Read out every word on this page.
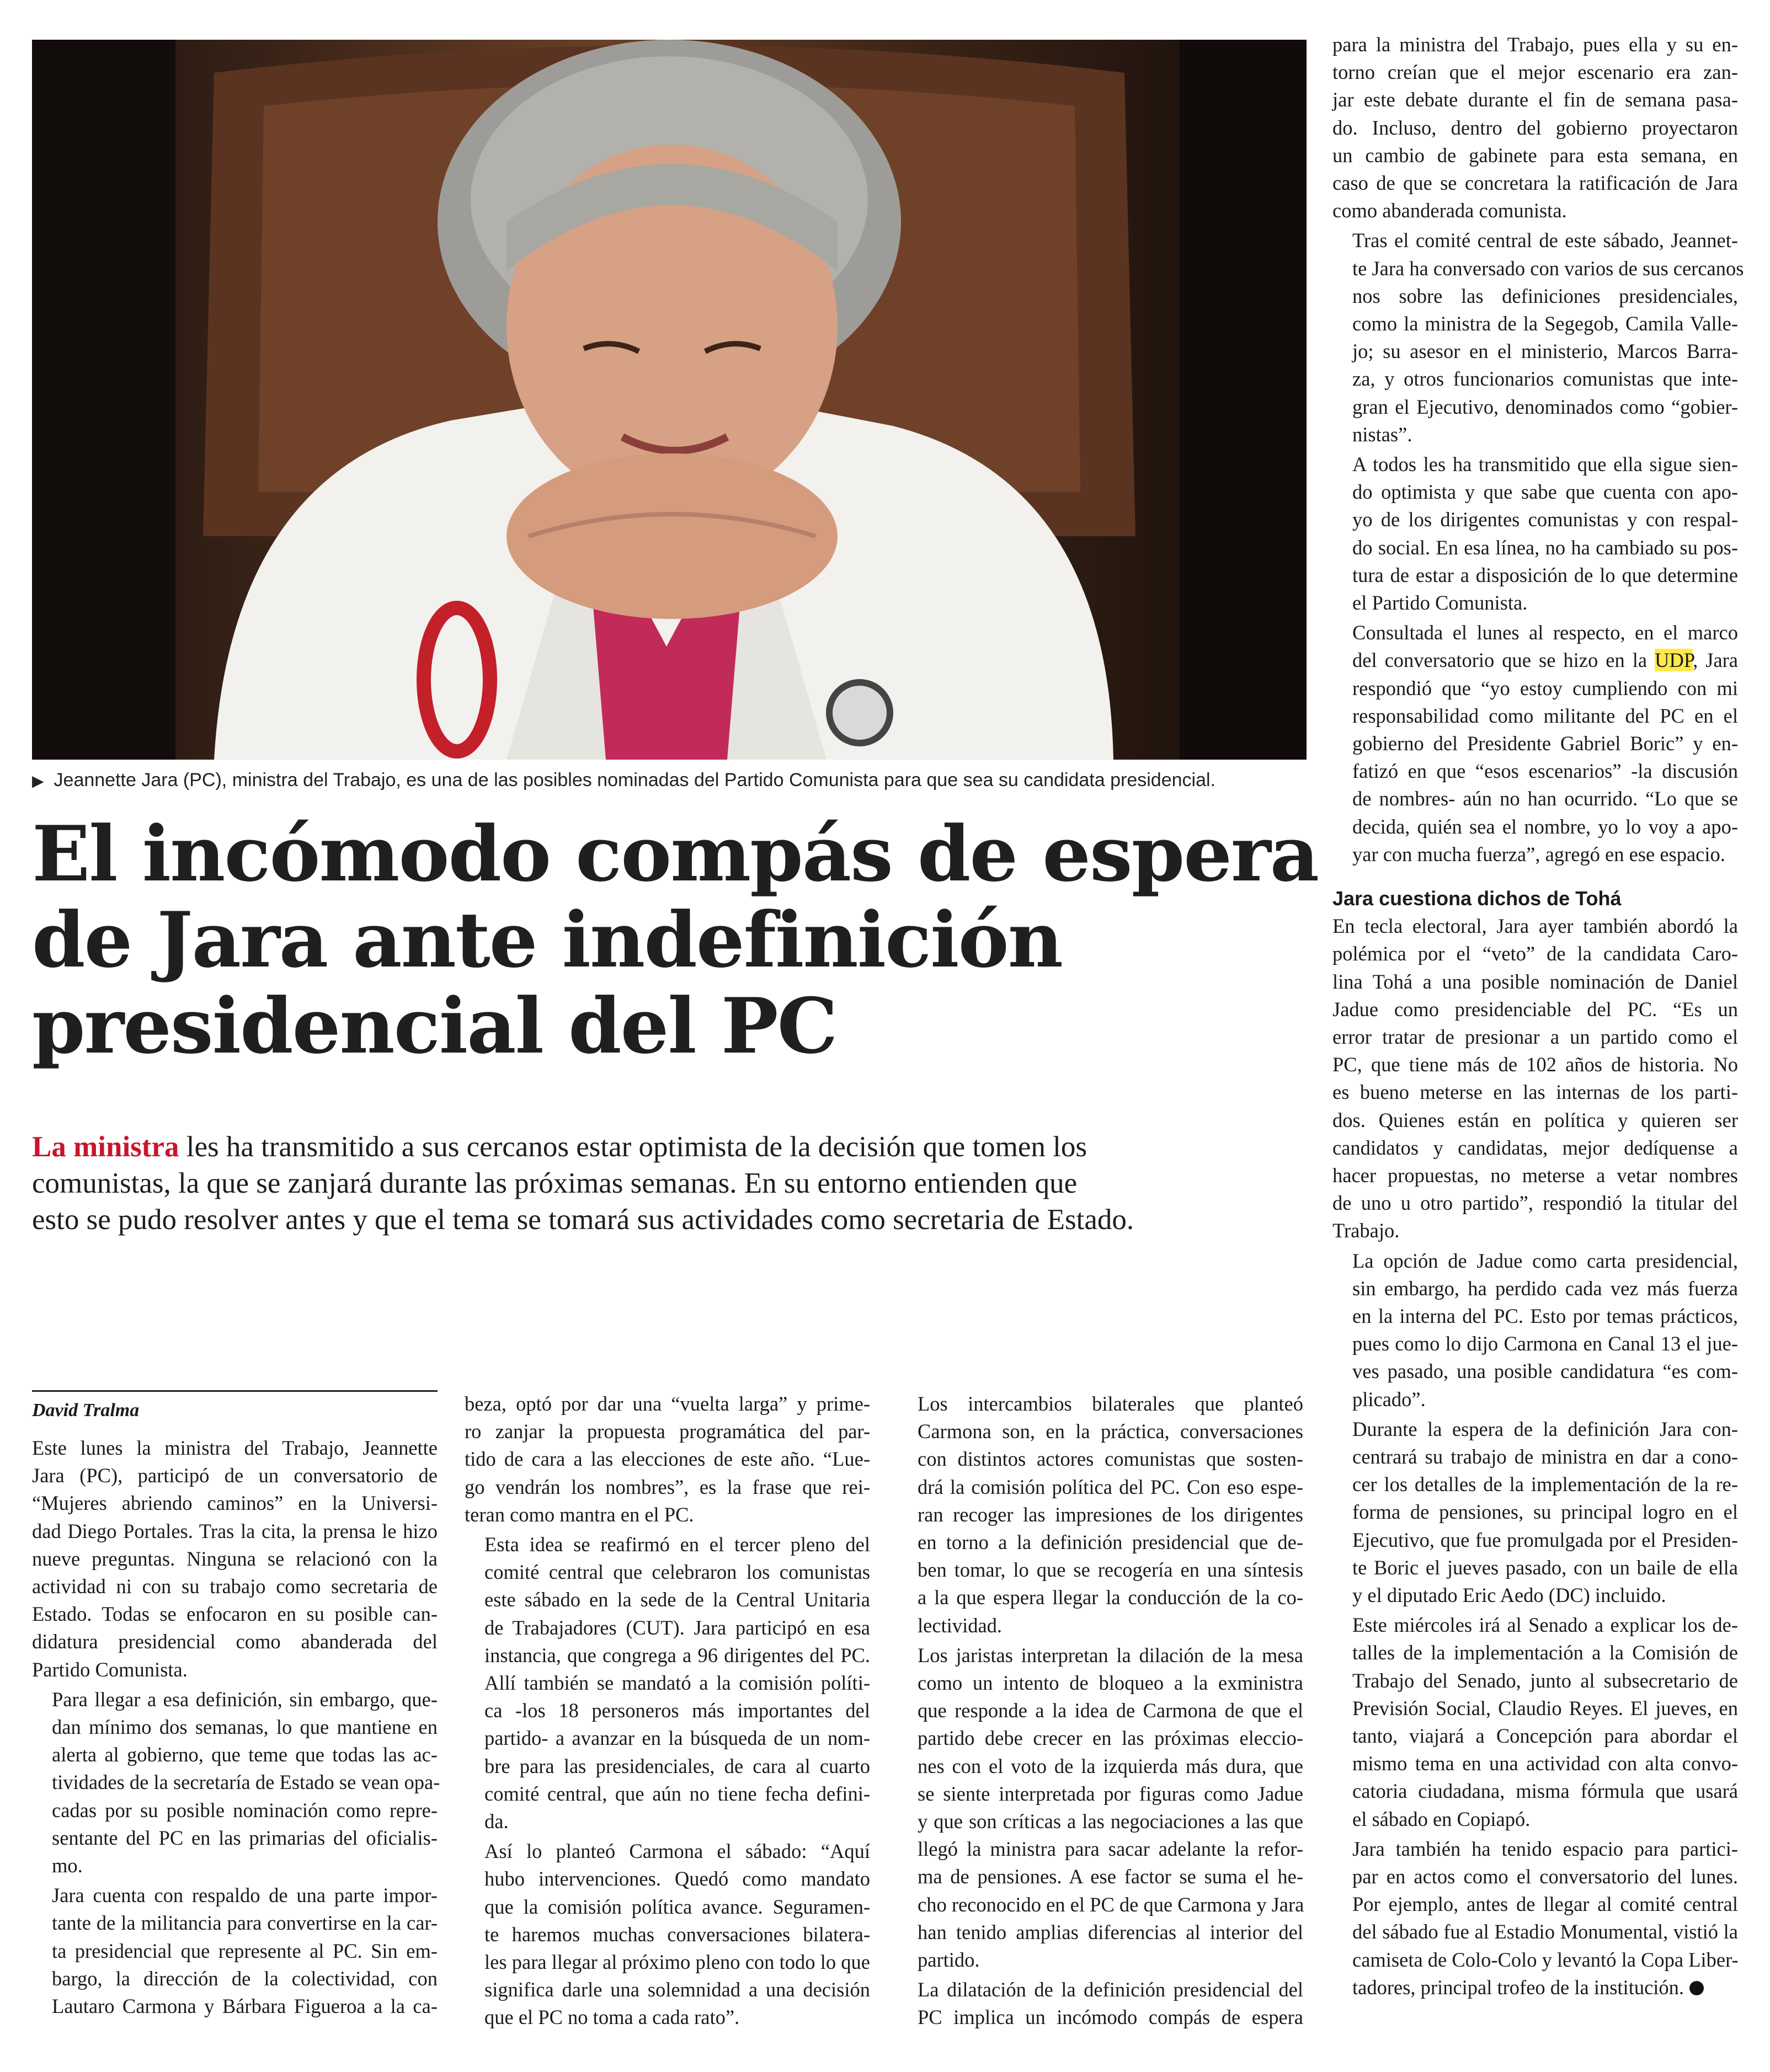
▶ Jeannette Jara (PC), ministra del Trabajo, es una de las posibles nominadas del Partido Comunista para que sea su candidata presidencial.
El incómodo compás de espera
de Jara ante indefinición
presidencial del PC
La ministra les ha transmitido a sus cercanos estar optimista de la decisión que tomen los
comunistas, la que se zanjará durante las próximas semanas. En su entorno entienden que
esto se pudo resolver antes y que el tema se tomará sus actividades como secretaria de Estado.
David Tralma

Este lunes la ministra del Trabajo, Jeannette
Jara (PC), participó de un conversatorio de
“Mujeres abriendo caminos” en la Universi-
dad Diego Portales. Tras la cita, la prensa le hizo
nueve preguntas. Ninguna se relacionó con la
actividad ni con su trabajo como secretaria de
Estado. Todas se enfocaron en su posible can-
didatura presidencial como abanderada del
Partido Comunista.

Para llegar a esa definición, sin embargo, que-
dan mínimo dos semanas, lo que mantiene en
alerta al gobierno, que teme que todas las ac-
tividades de la secretaría de Estado se vean opa-
cadas por su posible nominación como repre-
sentante del PC en las primarias del oficialis-
mo.

Jara cuenta con respaldo de una parte impor-
tante de la militancia para convertirse en la car-
ta presidencial que represente al PC. Sin em-
bargo, la dirección de la colectividad, con
Lautaro Carmona y Bárbara Figueroa a la ca-

beza, optó por dar una “vuelta larga” y prime-
ro zanjar la propuesta programática del par-
tido de cara a las elecciones de este año. “Lue-
go vendrán los nombres”, es la frase que rei-
teran como mantra en el PC.

Esta idea se reafirmó en el tercer pleno del
comité central que celebraron los comunistas
este sábado en la sede de la Central Unitaria
de Trabajadores (CUT). Jara participó en esa
instancia, que congrega a 96 dirigentes del PC.
Allí también se mandató a la comisión políti-
ca -los 18 personeros más importantes del
partido- a avanzar en la búsqueda de un nom-
bre para las presidenciales, de cara al cuarto
comité central, que aún no tiene fecha defini-
da.

Así lo planteó Carmona el sábado: “Aquí
hubo intervenciones. Quedó como mandato
que la comisión política avance. Seguramen-
te haremos muchas conversaciones bilatera-
les para llegar al próximo pleno con todo lo que
significa darle una solemnidad a una decisión
que el PC no toma a cada rato”.

Los intercambios bilaterales que planteó
Carmona son, en la práctica, conversaciones
con distintos actores comunistas que sosten-
drá la comisión política del PC. Con eso espe-
ran recoger las impresiones de los dirigentes
en torno a la definición presidencial que de-
ben tomar, lo que se recogería en una síntesis
a la que espera llegar la conducción de la co-
lectividad.

Los jaristas interpretan la dilación de la mesa
como un intento de bloqueo a la exministra
que responde a la idea de Carmona de que el
partido debe crecer en las próximas eleccio-
nes con el voto de la izquierda más dura, que
se siente interpretada por figuras como Jadue
y que son críticas a las negociaciones a las que
llegó la ministra para sacar adelante la refor-
ma de pensiones. A ese factor se suma el he-
cho reconocido en el PC de que Carmona y Jara
han tenido amplias diferencias al interior del
partido.

La dilatación de la definición presidencial del
PC implica un incómodo compás de espera

para la ministra del Trabajo, pues ella y su en-
torno creían que el mejor escenario era zan-
jar este debate durante el fin de semana pasa-
do. Incluso, dentro del gobierno proyectaron
un cambio de gabinete para esta semana, en
caso de que se concretara la ratificación de Jara
como abanderada comunista.

Tras el comité central de este sábado, Jeannet-
te Jara ha conversado con varios de sus cercanos
nos sobre las definiciones presidenciales,
como la ministra de la Segegob, Camila Valle-
jo; su asesor en el ministerio, Marcos Barra-
za, y otros funcionarios comunistas que inte-
gran el Ejecutivo, denominados como “gobier-
nistas”.

A todos les ha transmitido que ella sigue sien-
do optimista y que sabe que cuenta con apo-
yo de los dirigentes comunistas y con respal-
do social. En esa línea, no ha cambiado su pos-
tura de estar a disposición de lo que determine
el Partido Comunista.

Consultada el lunes al respecto, en el marco
del conversatorio que se hizo en la UDP, Jara
respondió que “yo estoy cumpliendo con mi
responsabilidad como militante del PC en el
gobierno del Presidente Gabriel Boric” y en-
fatizó en que “esos escenarios” -la discusión
de nombres- aún no han ocurrido. “Lo que se
decida, quién sea el nombre, yo lo voy a apo-
yar con mucha fuerza”, agregó en ese espacio.

Jara cuestiona dichos de Tohá

En tecla electoral, Jara ayer también abordó la
polémica por el “veto” de la candidata Caro-
lina Tohá a una posible nominación de Daniel
Jadue como presidenciable del PC. “Es un
error tratar de presionar a un partido como el
PC, que tiene más de 102 años de historia. No
es bueno meterse en las internas de los parti-
dos. Quienes están en política y quieren ser
candidatos y candidatas, mejor dedíquense a
hacer propuestas, no meterse a vetar nombres
de uno u otro partido”, respondió la titular del
Trabajo.

La opción de Jadue como carta presidencial,
sin embargo, ha perdido cada vez más fuerza
en la interna del PC. Esto por temas prácticos,
pues como lo dijo Carmona en Canal 13 el jue-
ves pasado, una posible candidatura “es com-
plicado”.

Durante la espera de la definición Jara con-
centrará su trabajo de ministra en dar a cono-
cer los detalles de la implementación de la re-
forma de pensiones, su principal logro en el
Ejecutivo, que fue promulgada por el Presiden-
te Boric el jueves pasado, con un baile de ella
y el diputado Eric Aedo (DC) incluido.

Este miércoles irá al Senado a explicar los de-
talles de la implementación a la Comisión de
Trabajo del Senado, junto al subsecretario de
Previsión Social, Claudio Reyes. El jueves, en
tanto, viajará a Concepción para abordar el
mismo tema en una actividad con alta convo-
catoria ciudadana, misma fórmula que usará
el sábado en Copiapó.

Jara también ha tenido espacio para partici-
par en actos como el conversatorio del lunes.
Por ejemplo, antes de llegar al comité central
del sábado fue al Estadio Monumental, vistió la
camiseta de Colo-Colo y levantó la Copa Liber-
tadores, principal trofeo de la institución.
